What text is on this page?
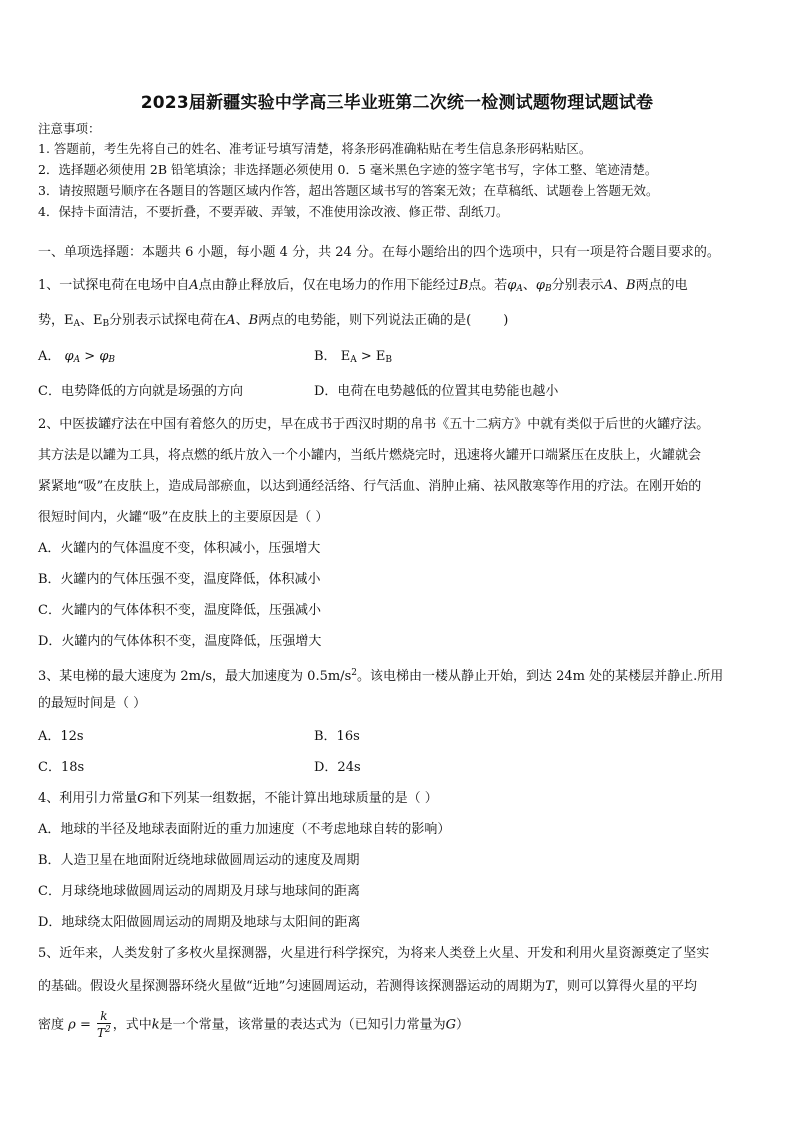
2023届新疆实验中学高三毕业班第二次统一检测试题物理试题试卷
注意事项：
1. 答题前，考生先将自己的姓名、准考证号填写清楚，将条形码准确粘贴在考生信息条形码粘贴区。
2．选择题必须使用 2B 铅笔填涂；非选择题必须使用 0．5 毫米黑色字迹的签字笔书写，字体工整、笔迹清楚。
3．请按照题号顺序在各题目的答题区域内作答，超出答题区域书写的答案无效；在草稿纸、试题卷上答题无效。
4．保持卡面清洁，不要折叠，不要弄破、弄皱，不准使用涂改液、修正带、刮纸刀。
一、单项选择题：本题共 6 小题，每小题 4 分，共 24 分。在每小题给出的四个选项中，只有一项是符合题目要求的。
1、一试探电荷在电场中自A点由静止释放后，仅在电场力的作用下能经过B点。若$\varphi_A$、$\varphi_B$分别表示A、B两点的电
势，$E_A$、$E_B$分别表示试探电荷在A、B两点的电势能，则下列说法正确的是( )
A． $\varphi_A > \varphi_B$	B． $E_A > E_B$
C．电势降低的方向就是场强的方向	D．电荷在电势越低的位置其电势能也越小
2、中医拔罐疗法在中国有着悠久的历史，早在成书于西汉时期的帛书《五十二病方》中就有类似于后世的火罐疗法。
其方法是以罐为工具，将点燃的纸片放入一个小罐内，当纸片燃烧完时，迅速将火罐开口端紧压在皮肤上，火罐就会
紧紧地“吸”在皮肤上，造成局部瘀血，以达到通经活络、行气活血、消肿止痛、祛风散寒等作用的疗法。在刚开始的
很短时间内，火罐“吸”在皮肤上的主要原因是（ ）
A．火罐内的气体温度不变，体积减小，压强增大
B．火罐内的气体压强不变，温度降低，体积减小
C．火罐内的气体体积不变，温度降低，压强减小
D．火罐内的气体体积不变，温度降低，压强增大
3、某电梯的最大速度为 2m/s，最大加速度为 $0.5m/s^2$。该电梯由一楼从静止开始，到达 24m 处的某楼层并静止.所用
的最短时间是（ ）
A．12s	B．16s
C．18s	D．24s
4、利用引力常量G和下列某一组数据，不能计算出地球质量的是（ ）
A．地球的半径及地球表面附近的重力加速度（不考虑地球自转的影响）
B．人造卫星在地面附近绕地球做圆周运动的速度及周期
C．月球绕地球做圆周运动的周期及月球与地球间的距离
D．地球绕太阳做圆周运动的周期及地球与太阳间的距离
5、近年来，人类发射了多枚火星探测器，火星进行科学探究，为将来人类登上火星、开发和利用火星资源奠定了坚实
的基础。假设火星探测器环绕火星做“近地”匀速圆周运动，若测得该探测器运动的周期为T，则可以算得火星的平均
密度 $\rho = \frac{k}{T^2}$ ，式中k是一个常量，该常量的表达式为（已知引力常量为G）
